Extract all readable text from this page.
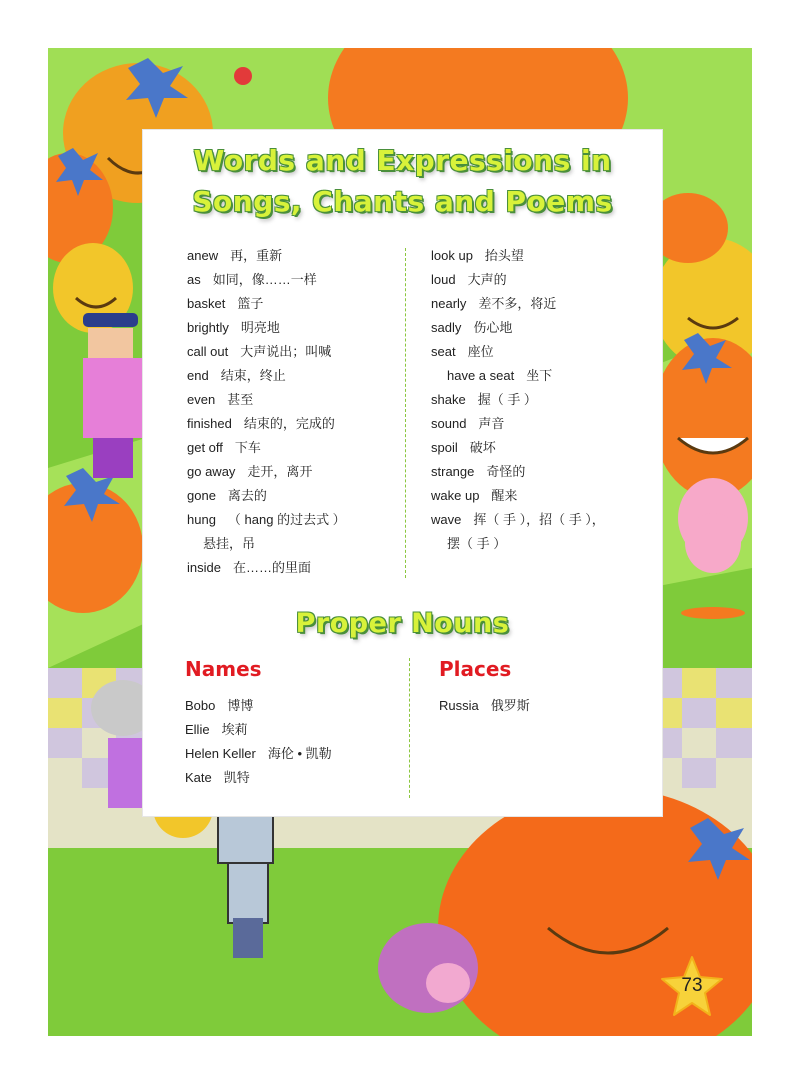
Words and Expressions in
Songs, Chants and Poems
anew 再，重新
as 如同，像……一样
basket 篮子
brightly 明亮地
call out 大声说出；叫喊
end 结束，终止
even 甚至
finished 结束的，完成的
get off 下车
go away 走开，离开
gone 离去的
hung （ hang 的过去式 ）
悬挂，吊
inside 在……的里面
look up 抬头望
loud 大声的
nearly 差不多，将近
sadly 伤心地
seat 座位
have a seat 坐下
shake 握（ 手 ）
sound 声音
spoil 破坏
strange 奇怪的
wake up 醒来
wave 挥（ 手 ），招（ 手 ），
摆（ 手 ）
Proper Nouns
Names	Places
Bobo 博博
Ellie 埃莉
Helen Keller 海伦 • 凯勒
Kate 凯特
Russia 俄罗斯
73
